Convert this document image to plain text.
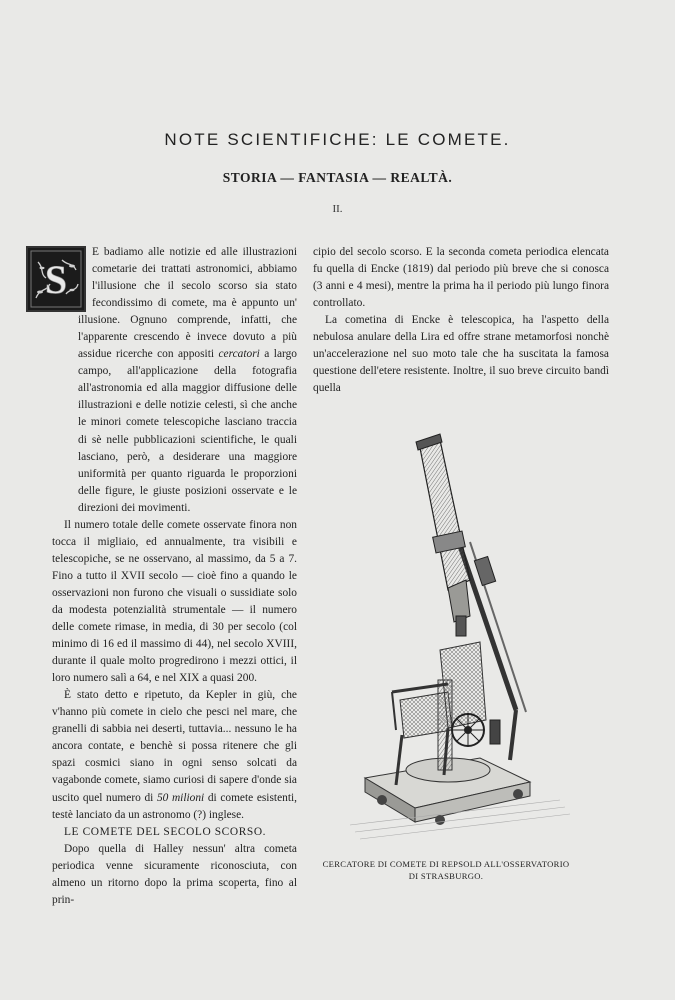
NOTE SCIENTIFICHE: LE COMETE.
STORIA — FANTASIA — REALTÀ.
II.
S

E badiamo alle notizie ed alle illustrazioni cometarie dei trattati astronomici, abbiamo l'illusione che il secolo scorso sia stato fecondissimo di comete, ma è appunto un' illusione. Ognuno comprende, infatti, che l'apparente crescendo è invece dovuto a più assidue ricerche con appositi cercatori a largo campo, all'applicazione della fotografia all'astronomia ed alla maggior diffusione delle illustrazioni e delle notizie celesti, sì che anche le minori comete telescopiche lasciano traccia di sè nelle pubblicazioni scientifiche, le quali lasciano, però, a desiderare una maggiore uniformità per quanto riguarda le proporzioni delle figure, le giuste posizioni osservate e le direzioni dei movimenti.

Il numero totale delle comete osservate finora non tocca il migliaio, ed annualmente, tra visibili e telescopiche, se ne osservano, al massimo, da 5 a 7. Fino a tutto il XVII secolo — cioè fino a quando le osservazioni non furono che visuali o sussidiate solo da modesta potenzialità strumentale — il numero delle comete rimase, in media, di 30 per secolo (col minimo di 16 ed il massimo di 44), nel secolo XVIII, durante il quale molto progredirono i mezzi ottici, il loro numero salì a 64, e nel XIX a quasi 200.

È stato detto e ripetuto, da Kepler in giù, che v'hanno più comete in cielo che pesci nel mare, che granelli di sabbia nei deserti, tuttavia... nessuno le ha ancora contate, e benchè si possa ritenere che gli spazi cosmici siano in ogni senso solcati da vagabonde comete, siamo curiosi di sapere d'onde sia uscito quel numero di 50 milioni di comete esistenti, testè lanciato da un astronomo (?) inglese.

LE COMETE DEL SECOLO SCORSO.

Dopo quella di Halley nessun' altra cometa periodica venne sicuramente riconosciuta, con almeno un ritorno dopo la prima scoperta, fino al prin-

cipio del secolo scorso. E la seconda cometa periodica elencata fu quella di Encke (1819) dal periodo più breve che si conosca (3 anni e 4 mesi), mentre la prima ha il periodo più lungo finora controllato.

La cometina di Encke è telescopica, ha l'aspetto della nebulosa anulare della Lira ed offre strane metamorfosi nonchè un'accelerazione nel suo moto tale che ha suscitata la famosa questione dell'etere resistente. Inoltre, il suo breve circuito bandì quella

CERCATORE DI COMETE DI REPSOLD ALL'OSSERVATORIO
DI STRASBURGO.
